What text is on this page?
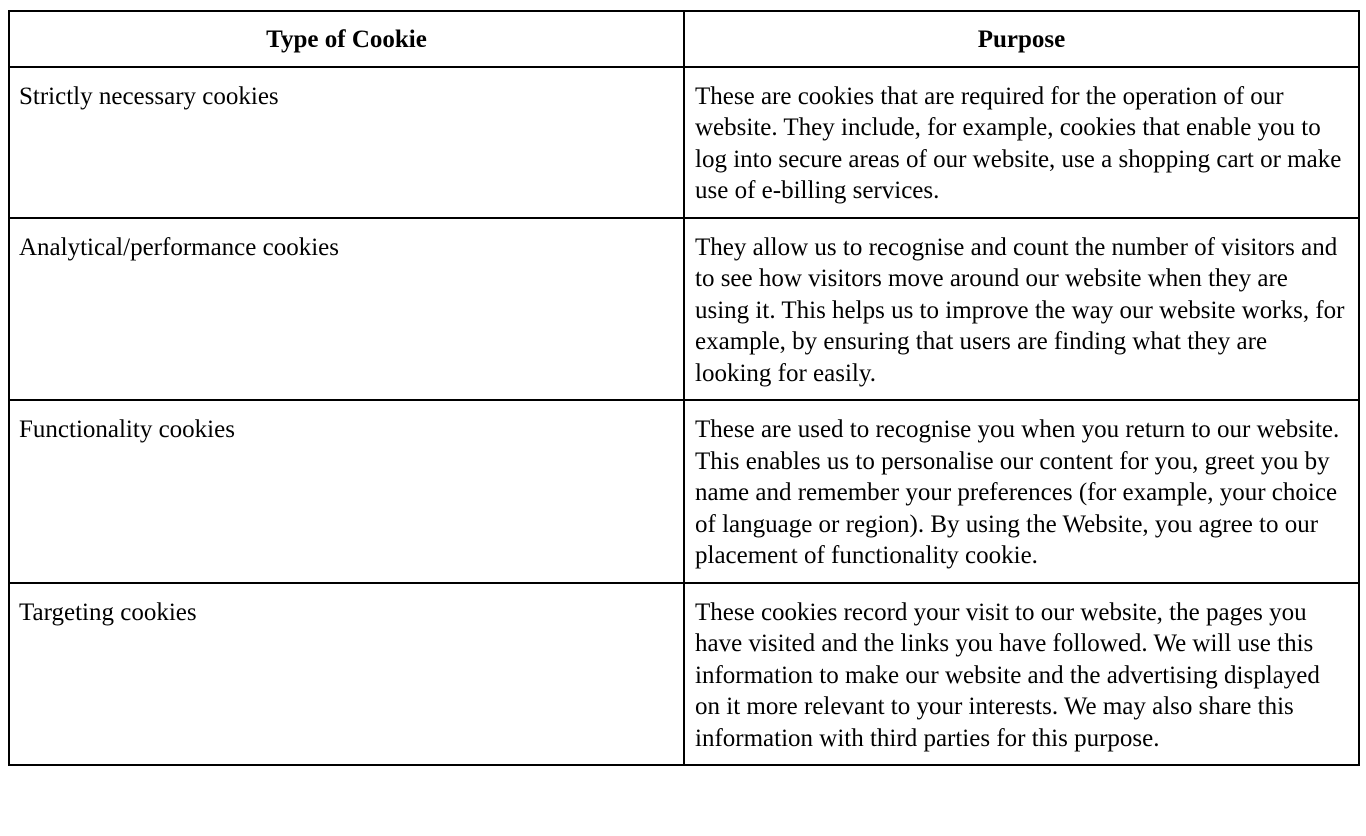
Type of Cookie	Purpose
Strictly necessary cookies	These are cookies that are required for the operation of our website. They include, for example, cookies that enable you to log into secure areas of our website, use a shopping cart or make use of e-billing services.
Analytical/performance cookies	They allow us to recognise and count the number of visitors and to see how visitors move around our website when they are using it. This helps us to improve the way our website works, for example, by ensuring that users are finding what they are looking for easily.
Functionality cookies	These are used to recognise you when you return to our website. This enables us to personalise our content for you, greet you by name and remember your preferences (for example, your choice of language or region). By using the Website, you agree to our placement of functionality cookie.
Targeting cookies	These cookies record your visit to our website, the pages you have visited and the links you have followed. We will use this information to make our website and the advertising displayed on it more relevant to your interests. We may also share this information with third parties for this purpose.
